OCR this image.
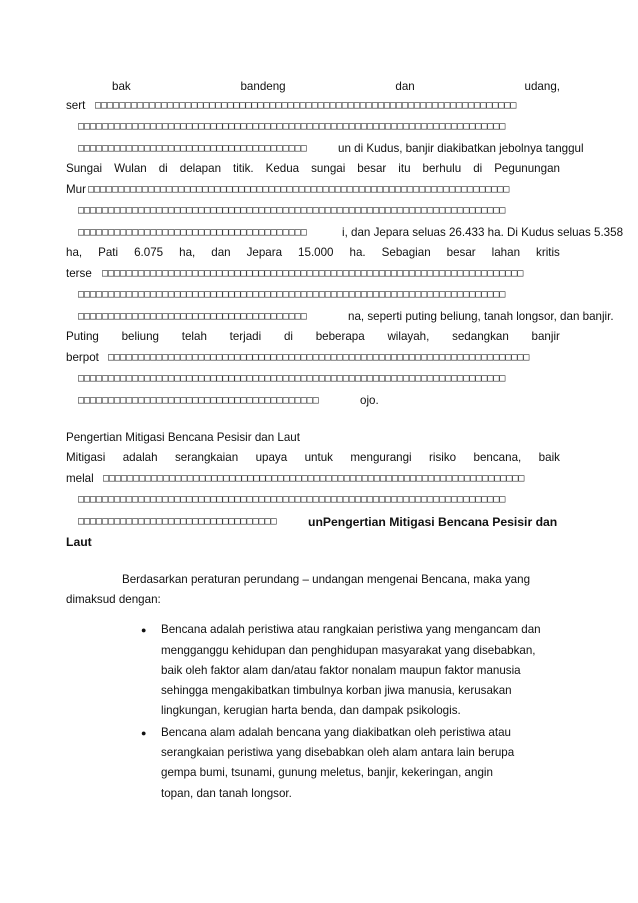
bak	bandeng	dan	udang,
sert □□□□□□□□□□□□□□□□□□□□□□□□□□□□□□□□□□□□□□□□□□□□□□□□□□□□□□□□□□□□□□□□□□□□□□
□□□□□□□□□□□□□□□□□□□□□□□□□□□□□□□□□□□□□□□□□□□□□□□□□□□□□□□□□□□□□□□□□□□□□□□
□□□□□□□□□□□□□□□□□□□□□□□□□□□□□□□□□□□□□□	un di Kudus, banjir diakibatkan jebolnya tanggul
Sungai Wulan di delapan titik. Kedua sungai besar itu berhulu di Pegunungan
Mur □□□□□□□□□□□□□□□□□□□□□□□□□□□□□□□□□□□□□□□□□□□□□□□□□□□□□□□□□□□□□□□□□□□□□□
□□□□□□□□□□□□□□□□□□□□□□□□□□□□□□□□□□□□□□□□□□□□□□□□□□□□□□□□□□□□□□□□□□□□□□□
□□□□□□□□□□□□□□□□□□□□□□□□□□□□□□□□□□□□□□	i, dan Jepara seluas 26.433 ha. Di Kudus seluas 5.358
ha, Pati 6.075 ha, dan Jepara 15.000 ha. Sebagian besar lahan kritis
terse □□□□□□□□□□□□□□□□□□□□□□□□□□□□□□□□□□□□□□□□□□□□□□□□□□□□□□□□□□□□□□□□□□□□□□
□□□□□□□□□□□□□□□□□□□□□□□□□□□□□□□□□□□□□□□□□□□□□□□□□□□□□□□□□□□□□□□□□□□□□□□
□□□□□□□□□□□□□□□□□□□□□□□□□□□□□□□□□□□□□□	na, seperti puting beliung, tanah longsor, dan banjir.
Puting beliung telah terjadi di beberapa wilayah, sedangkan banjir
berpot □□□□□□□□□□□□□□□□□□□□□□□□□□□□□□□□□□□□□□□□□□□□□□□□□□□□□□□□□□□□□□□□□□□□□□
□□□□□□□□□□□□□□□□□□□□□□□□□□□□□□□□□□□□□□□□□□□□□□□□□□□□□□□□□□□□□□□□□□□□□□□
□□□□□□□□□□□□□□□□□□□□□□□□□□□□□□□□□□□□□□□□	ojo.
Pengertian Mitigasi Bencana Pesisir dan Laut
Mitigasi adalah serangkaian upaya untuk mengurangi risiko bencana, baik
melal □□□□□□□□□□□□□□□□□□□□□□□□□□□□□□□□□□□□□□□□□□□□□□□□□□□□□□□□□□□□□□□□□□□□□□
□□□□□□□□□□□□□□□□□□□□□□□□□□□□□□□□□□□□□□□□□□□□□□□□□□□□□□□□□□□□□□□□□□□□□□□
□□□□□□□□□□□□□□□□□□□□□□□□□□□□□□□□□	unPengertian Mitigasi Bencana Pesisir dan
Laut
Berdasarkan peraturan perundang – undangan mengenai Bencana, maka yang
dimaksud dengan:
● Bencana adalah peristiwa atau rangkaian peristiwa yang mengancam dan
mengganggu kehidupan dan penghidupan masyarakat yang disebabkan,
baik oleh faktor alam dan/atau faktor nonalam maupun faktor manusia
sehingga mengakibatkan timbulnya korban jiwa manusia, kerusakan
lingkungan, kerugian harta benda, dan dampak psikologis.
● Bencana alam adalah bencana yang diakibatkan oleh peristiwa atau
serangkaian peristiwa yang disebabkan oleh alam antara lain berupa
gempa bumi, tsunami, gunung meletus, banjir, kekeringan, angin
topan, dan tanah longsor.
